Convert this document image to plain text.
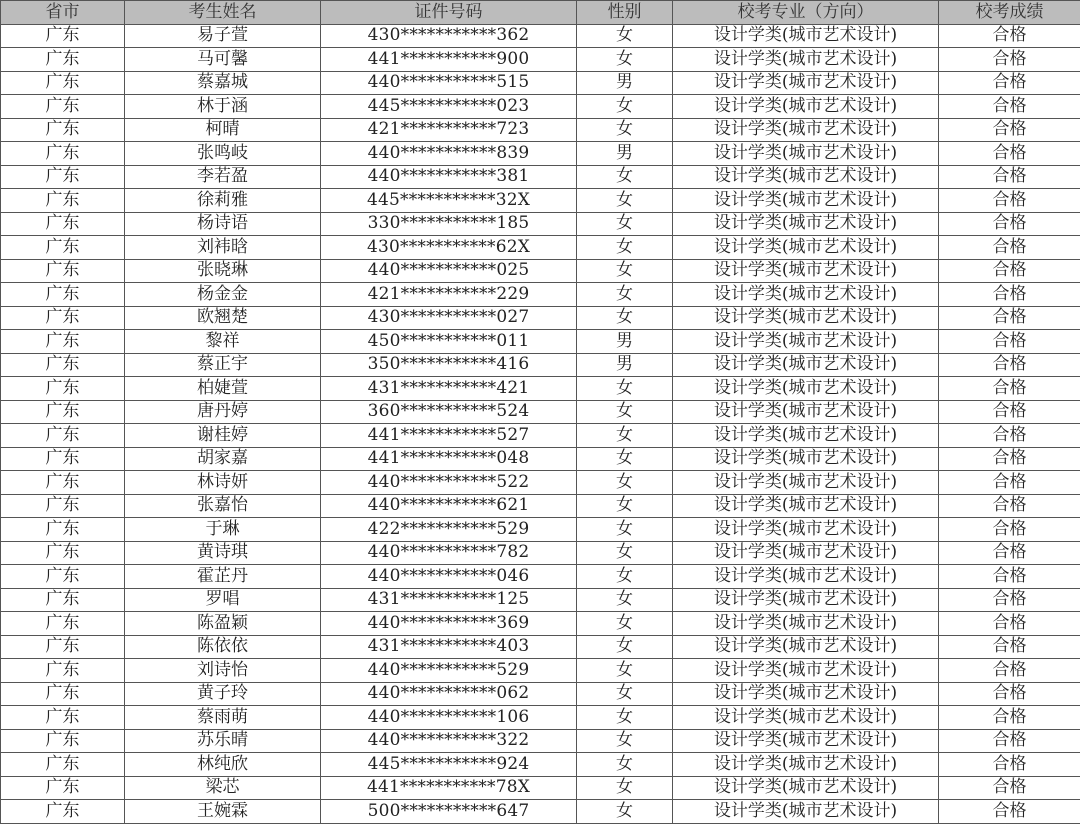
省市	考生姓名	证件号码	性别	校考专业（方向）	校考成绩
广东	易子萱	430***********362	女	设计学类(城市艺术设计)	合格
广东	马可馨	441***********900	女	设计学类(城市艺术设计)	合格
广东	蔡嘉城	440***********515	男	设计学类(城市艺术设计)	合格
广东	林于涵	445***********023	女	设计学类(城市艺术设计)	合格
广东	柯晴	421***********723	女	设计学类(城市艺术设计)	合格
广东	张鸣岐	440***********839	男	设计学类(城市艺术设计)	合格
广东	李若盈	440***********381	女	设计学类(城市艺术设计)	合格
广东	徐莉雅	445***********32X	女	设计学类(城市艺术设计)	合格
广东	杨诗语	330***********185	女	设计学类(城市艺术设计)	合格
广东	刘袆晗	430***********62X	女	设计学类(城市艺术设计)	合格
广东	张晓琳	440***********025	女	设计学类(城市艺术设计)	合格
广东	杨金金	421***********229	女	设计学类(城市艺术设计)	合格
广东	欧翘楚	430***********027	女	设计学类(城市艺术设计)	合格
广东	黎祥	450***********011	男	设计学类(城市艺术设计)	合格
广东	蔡正宇	350***********416	男	设计学类(城市艺术设计)	合格
广东	柏婕萱	431***********421	女	设计学类(城市艺术设计)	合格
广东	唐丹婷	360***********524	女	设计学类(城市艺术设计)	合格
广东	谢桂婷	441***********527	女	设计学类(城市艺术设计)	合格
广东	胡家嘉	441***********048	女	设计学类(城市艺术设计)	合格
广东	林诗妍	440***********522	女	设计学类(城市艺术设计)	合格
广东	张嘉怡	440***********621	女	设计学类(城市艺术设计)	合格
广东	于琳	422***********529	女	设计学类(城市艺术设计)	合格
广东	黄诗琪	440***********782	女	设计学类(城市艺术设计)	合格
广东	霍芷丹	440***********046	女	设计学类(城市艺术设计)	合格
广东	罗唱	431***********125	女	设计学类(城市艺术设计)	合格
广东	陈盈颖	440***********369	女	设计学类(城市艺术设计)	合格
广东	陈依依	431***********403	女	设计学类(城市艺术设计)	合格
广东	刘诗怡	440***********529	女	设计学类(城市艺术设计)	合格
广东	黄子玲	440***********062	女	设计学类(城市艺术设计)	合格
广东	蔡雨萌	440***********106	女	设计学类(城市艺术设计)	合格
广东	苏乐晴	440***********322	女	设计学类(城市艺术设计)	合格
广东	林纯欣	445***********924	女	设计学类(城市艺术设计)	合格
广东	梁芯	441***********78X	女	设计学类(城市艺术设计)	合格
广东	王婉霖	500***********647	女	设计学类(城市艺术设计)	合格
